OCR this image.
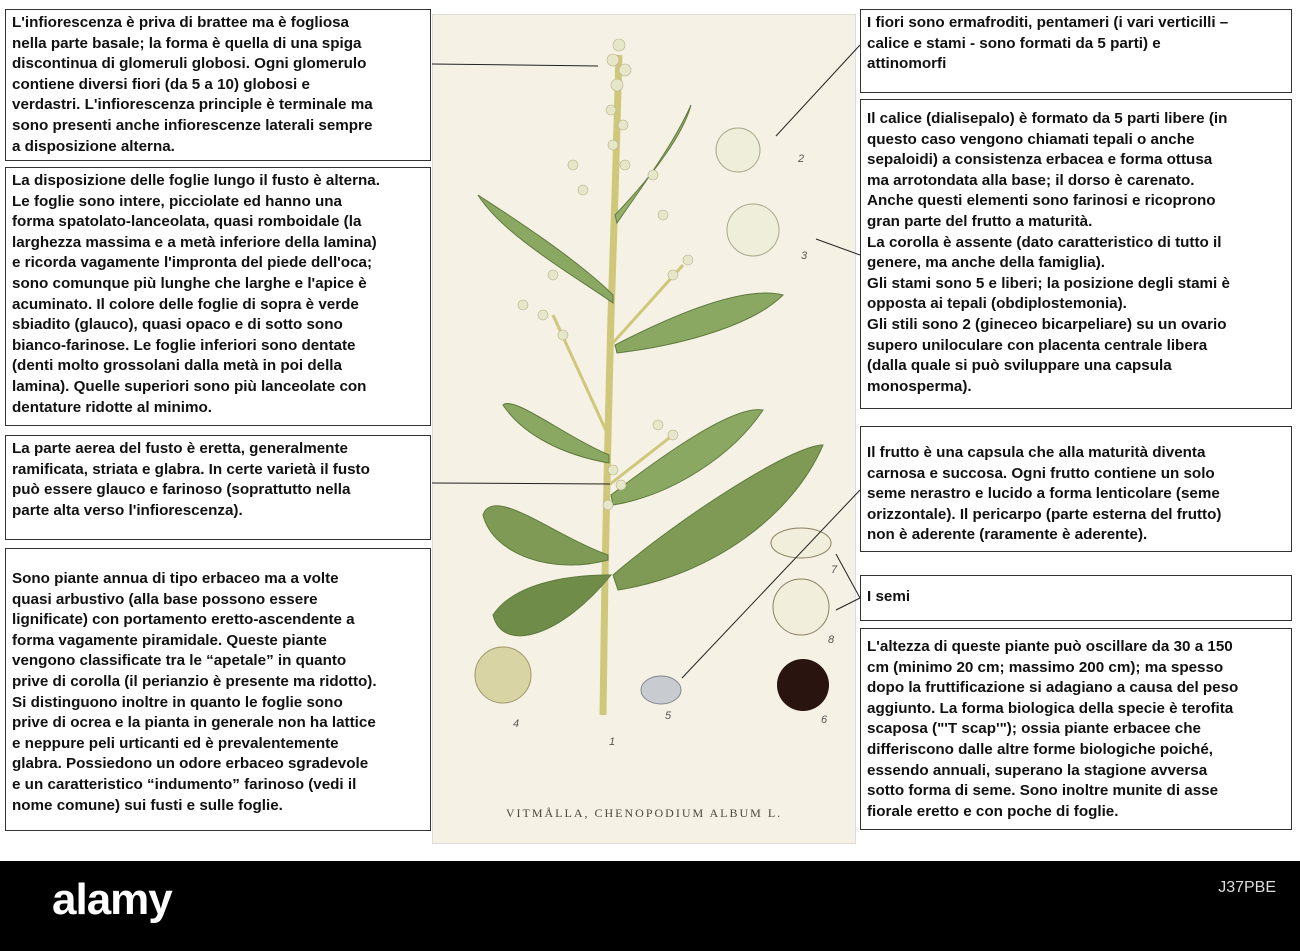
2
3
4
5	6
7
8
1
VITMÅLLA, CHENOPODIUM ALBUM L.
L'infiorescenza è priva di brattee ma è fogliosa
nella parte basale; la forma è quella di una spiga
discontinua di glomeruli globosi. Ogni glomerulo
contiene diversi fiori (da 5 a 10) globosi e
verdastri. L'infiorescenza principle è terminale ma
sono presenti anche infiorescenze laterali sempre
a disposizione alterna.
La disposizione delle foglie lungo il fusto è alterna.
Le foglie sono intere, picciolate ed hanno una
forma spatolato-lanceolata, quasi romboidale (la
larghezza massima e a metà inferiore della lamina)
e ricorda vagamente l'impronta del piede dell'oca;
sono comunque più lunghe che larghe e l'apice è
acuminato. Il colore delle foglie di sopra è verde
sbiadito (glauco), quasi opaco e di sotto sono
bianco-farinose. Le foglie inferiori sono dentate
(denti molto grossolani dalla metà in poi della
lamina). Quelle superiori sono più lanceolate con
dentature ridotte al minimo.
La parte aerea del fusto è eretta, generalmente
ramificata, striata e glabra. In certe varietà il fusto
può essere glauco e farinoso (soprattutto nella
parte alta verso l'infiorescenza).
Sono piante annua di tipo erbaceo ma a volte
quasi arbustivo (alla base possono essere
lignificate) con portamento eretto-ascendente a
forma vagamente piramidale. Queste piante
vengono classificate tra le “apetale” in quanto
prive di corolla (il perianzio è presente ma ridotto).
Si distinguono inoltre in quanto le foglie sono
prive di ocrea e la pianta in generale non ha lattice
e neppure peli urticanti ed è prevalentemente
glabra. Possiedono un odore erbaceo sgradevole
e un caratteristico “indumento” farinoso (vedi il
nome comune) sui fusti e sulle foglie.
I fiori sono ermafroditi, pentameri (i vari verticilli –
calice e stami - sono formati da 5 parti) e
attinomorfi
Il calice (dialisepalo) è formato da 5 parti libere (in
questo caso vengono chiamati tepali o anche
sepaloidi) a consistenza erbacea e forma ottusa
ma arrotondata alla base; il dorso è carenato.
Anche questi elementi sono farinosi e ricoprono
gran parte del frutto a maturità.
La corolla è assente (dato caratteristico di tutto il
genere, ma anche della famiglia).
Gli stami sono 5 e liberi; la posizione degli stami è
opposta ai tepali (obdiplostemonia).
Gli stili sono 2 (gineceo bicarpeliare) su un ovario
supero uniloculare con placenta centrale libera
(dalla quale si può sviluppare una capsula
monosperma).
Il frutto è una capsula che alla maturità diventa
carnosa e succosa. Ogni frutto contiene un solo
seme nerastro e lucido a forma lenticolare (seme
orizzontale). Il pericarpo (parte esterna del frutto)
non è aderente (raramente è aderente).
I semi
L'altezza di queste piante può oscillare da 30 a 150
cm (minimo 20 cm; massimo 200 cm); ma spesso
dopo la fruttificazione si adagiano a causa del peso
aggiunto. La forma biologica della specie è terofita
scaposa ("'T scap'"); ossia piante erbacee che
differiscono dalle altre forme biologiche poiché,
essendo annuali, superano la stagione avversa
sotto forma di seme. Sono inoltre munite di asse
fiorale eretto e con poche di foglie.
alamy	J37PBE
